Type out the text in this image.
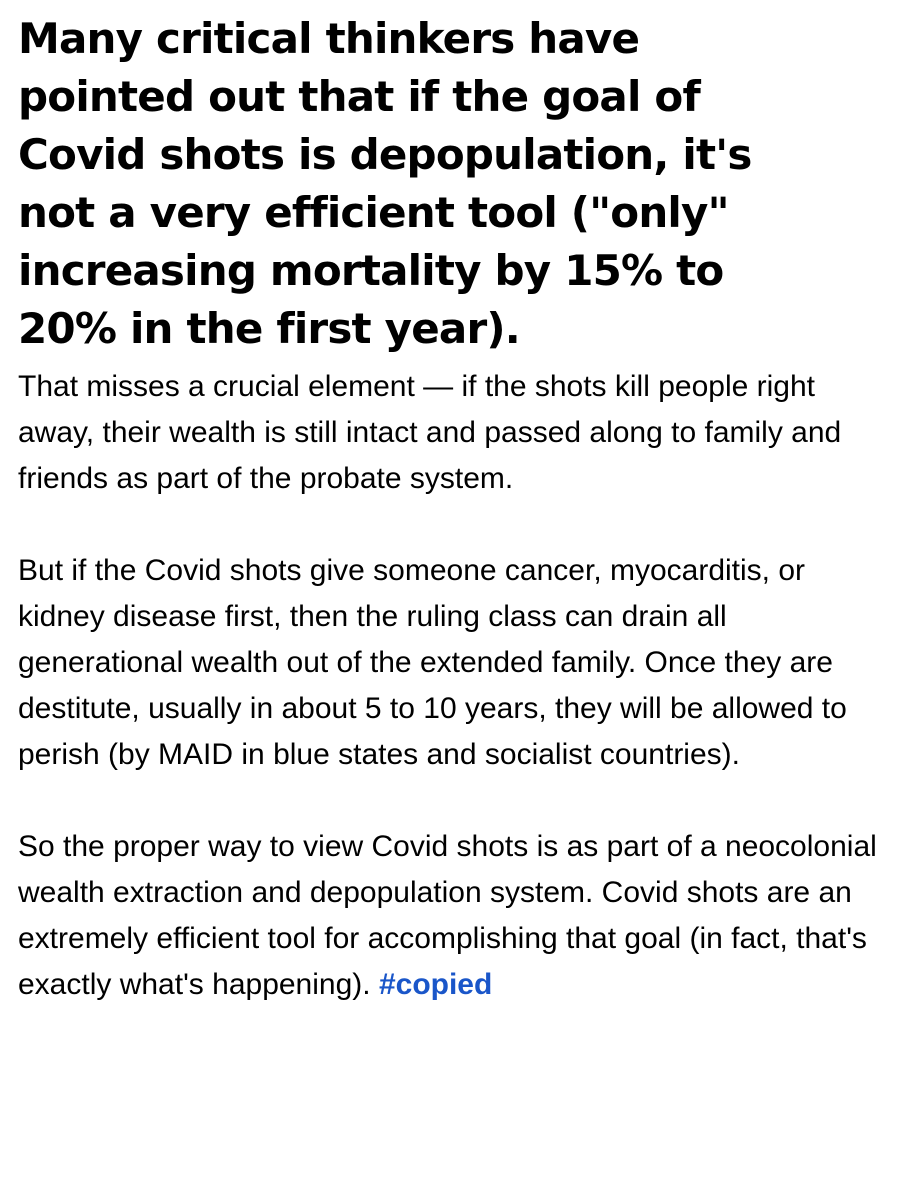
Many critical thinkers have
pointed out that if the goal of
Covid shots is depopulation, it's
not a very efficient tool ("only"
increasing mortality by 15% to
20% in the first year).

That misses a crucial element — if the shots kill people right away, their wealth is still intact and passed along to family and friends as part of the probate system.

But if the Covid shots give someone cancer, myocarditis, or kidney disease first, then the ruling class can drain all generational wealth out of the extended family. Once they are destitute, usually in about 5 to 10 years, they will be allowed to perish (by MAID in blue states and socialist countries).

So the proper way to view Covid shots is as part of a neocolonial wealth extraction and depopulation system. Covid shots are an extremely efficient tool for accomplishing that goal (in fact, that's exactly what's happening). #copied
